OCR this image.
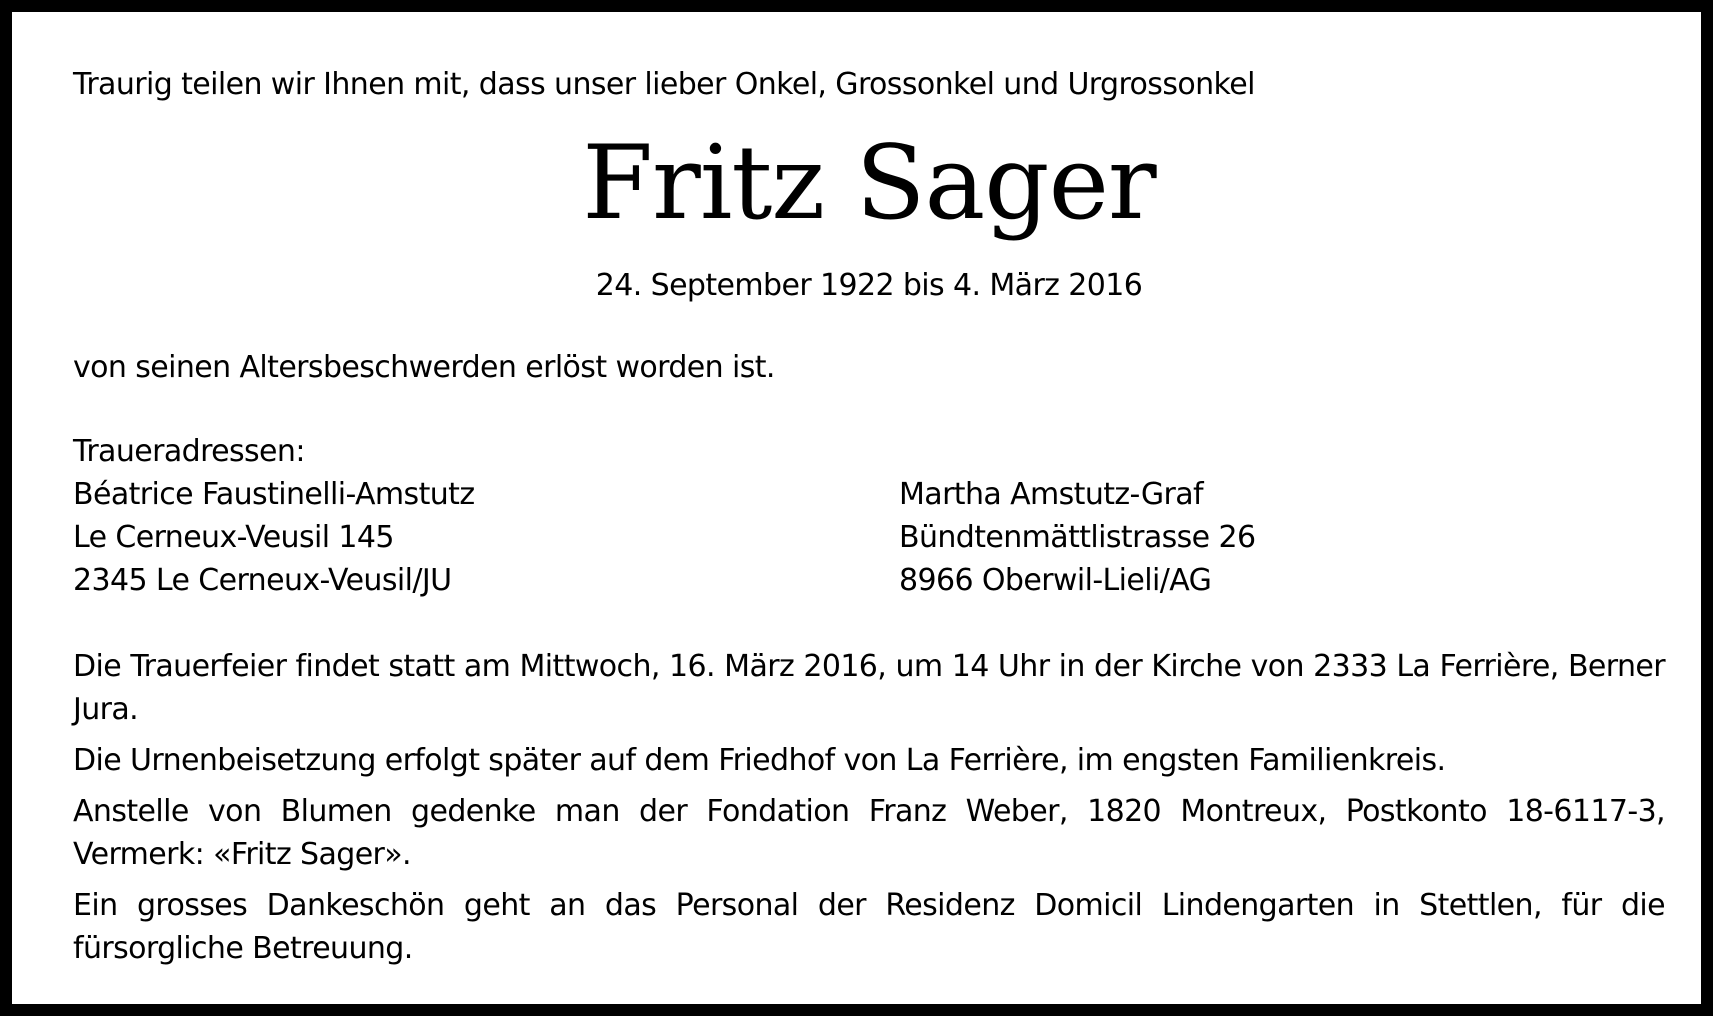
Traurig teilen wir Ihnen mit, dass unser lieber Onkel, Grossonkel und Urgrossonkel
Fritz Sager
24. September 1922 bis 4. März 2016
von seinen Altersbeschwerden erlöst worden ist.
Traueradressen:
Béatrice Faustinelli-Amstutz
Le Cerneux-Veusil 145
2345 Le Cerneux-Veusil/JU
Martha Amstutz-Graf
Bündtenmättlistrasse 26
8966 Oberwil-Lieli/AG

Die Trauerfeier findet statt am Mittwoch, 16. März 2016, um 14 Uhr in der Kirche von 2333 La Ferrière, Berner Jura.

Die Urnenbeisetzung erfolgt später auf dem Friedhof von La Ferrière, im engsten Familienkreis.

Anstelle von Blumen gedenke man der Fondation Franz Weber, 1820 Montreux, Postkonto 18-6117-3, Vermerk: «Fritz Sager».

Ein grosses Dankeschön geht an das Personal der Residenz Domicil Lindengarten in Stettlen, für die fürsorgliche Betreuung.
